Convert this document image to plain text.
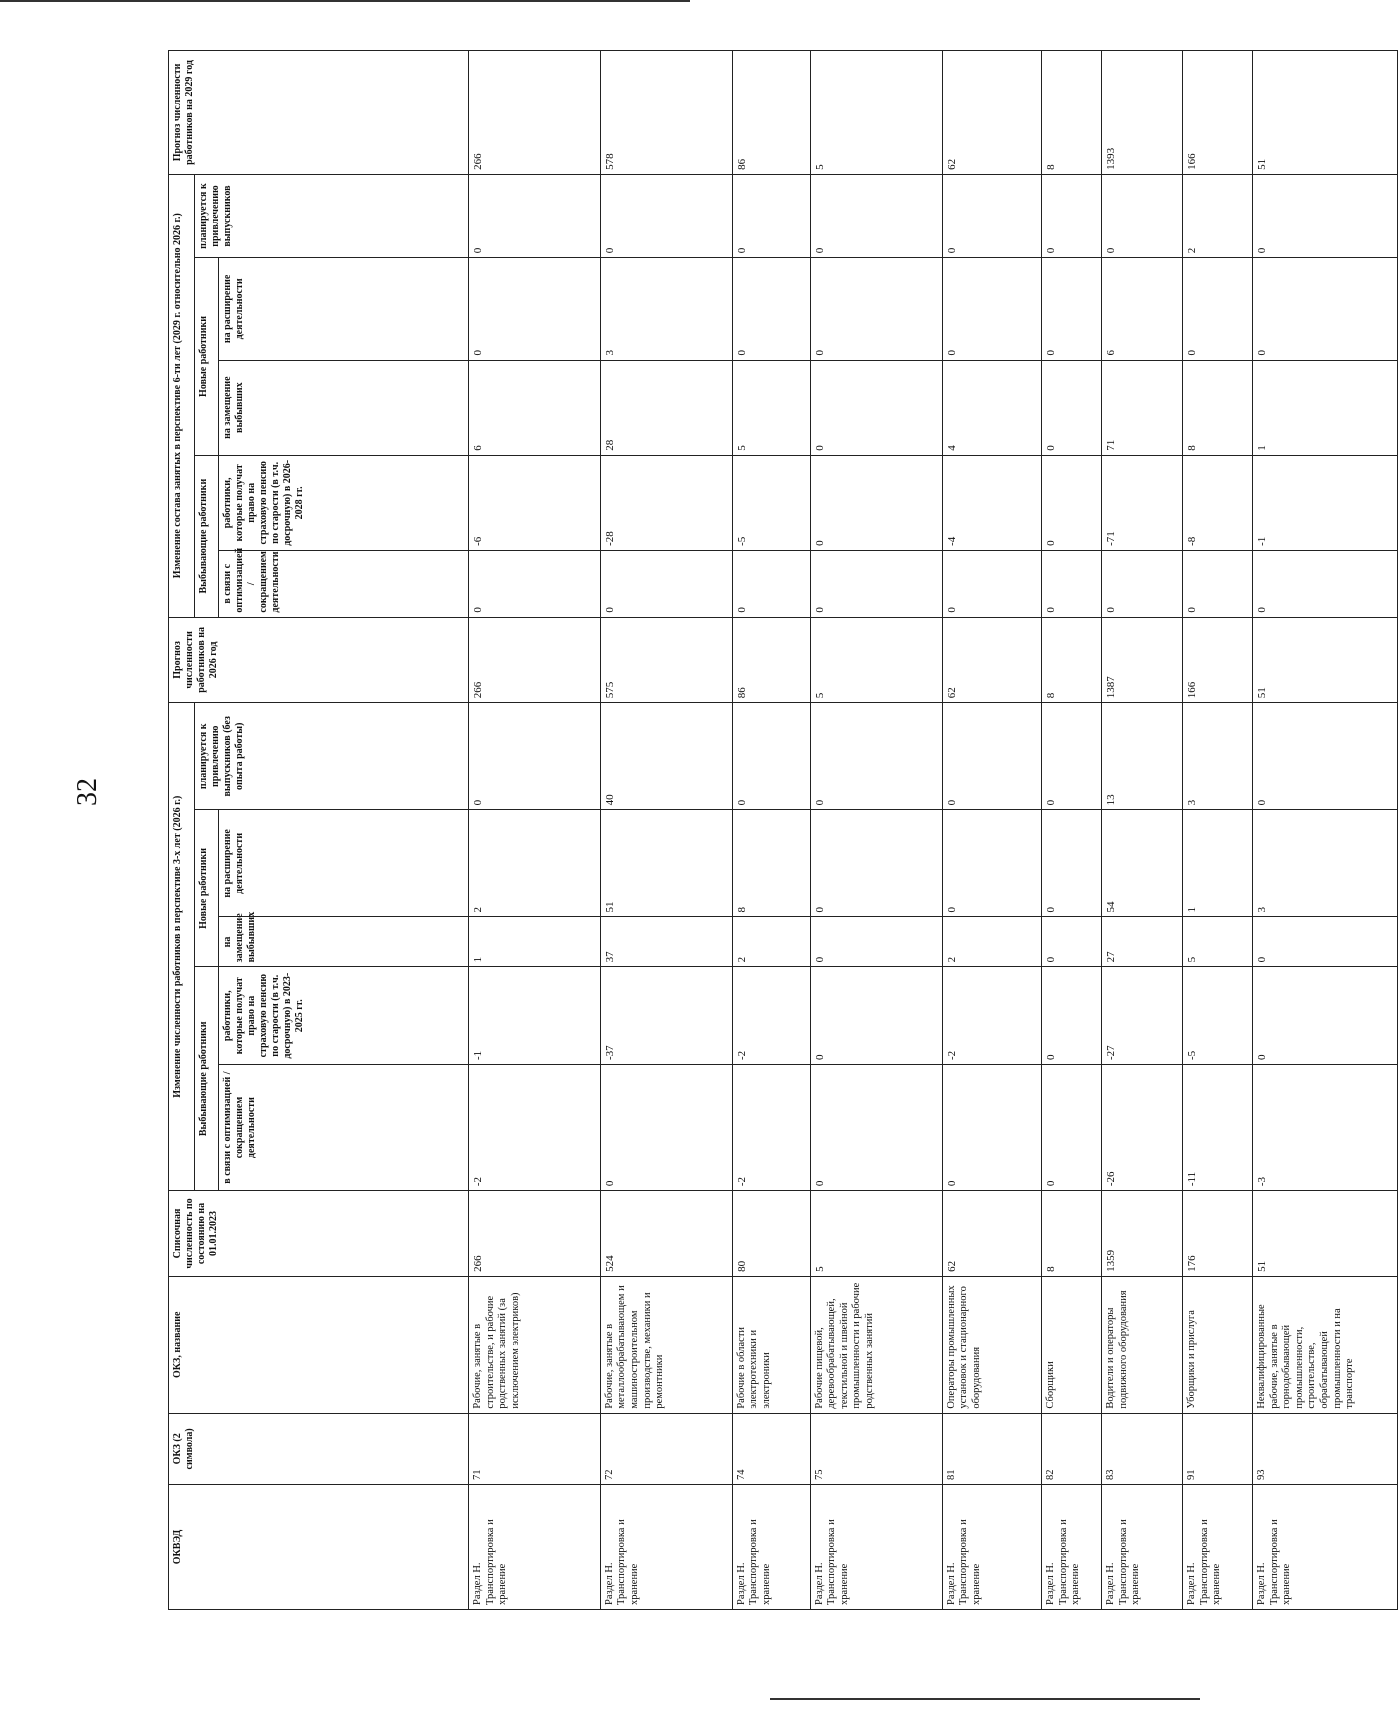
32
ОКВЭД	ОКЗ (2 символа)	ОКЗ, название	Списочная численность по состоянию на 01.01.2023	Изменение численности работников в перспективе 3-х лет (2026 г.)					Прогноз численности работников на 2026 год	Изменение состава занятых в перспективе 6-ти лет (2029 г. относительно 2026 г.)					Прогноз численности работников на 2029 год
				Выбывающие работники		Новые работники		планируется к привлечению выпускников (без опыта работы)		Выбывающие работники		Новые работники		планируется к привлечению выпускников	
				в связи с оптимизацией / сокращением деятельности	работники, которые получат право на страховую пенсию по старости (в т.ч. досрочную) в 2023-2025 гг.	на замещение выбывших	на расширение деятельности			в связи с оптимизацией / сокращением деятельности	работники, которые получат право на страховую пенсию по старости (в т.ч. досрочную) в 2026-2028 гг.	на замещение выбывших	на расширение деятельности		
Раздел H. Транспортировка и хранение	71	Рабочие, занятые в строительстве, и рабочие родственных занятий (за исключением электриков)	266	-2	-1	1	2	0	266	0	-6	6	0	0	266
Раздел H. Транспортировка и хранение	72	Рабочие, занятые в металлообрабатывающем и машиностроительном производстве, механики и ремонтники	524	0	-37	37	51	40	575	0	-28	28	3	0	578
Раздел H. Транспортировка и хранение	74	Рабочие в области электротехники и электроники	80	-2	-2	2	8	0	86	0	-5	5	0	0	86
Раздел H. Транспортировка и хранение	75	Рабочие пищевой, деревообрабатывающей, текстильной и швейной промышленности и рабочие родственных занятий	5	0	0	0	0	0	5	0	0	0	0	0	5
Раздел H. Транспортировка и хранение	81	Операторы промышленных установок и стационарного оборудования	62	0	-2	2	0	0	62	0	-4	4	0	0	62
Раздел H. Транспортировка и хранение	82	Сборщики	8	0	0	0	0	0	8	0	0	0	0	0	8
Раздел H. Транспортировка и хранение	83	Водители и операторы подвижного оборудования	1359	-26	-27	27	54	13	1387	0	-71	71	6	0	1393
Раздел H. Транспортировка и хранение	91	Уборщики и прислуга	176	-11	-5	5	1	3	166	0	-8	8	0	2	166
Раздел H. Транспортировка и хранение	93	Неквалифицированные рабочие, занятые в горнодобывающей промышленности, строительстве, обрабатывающей промышленности и на транспорте	51	-3	0	0	3	0	51	0	-1	1	0	0	51
